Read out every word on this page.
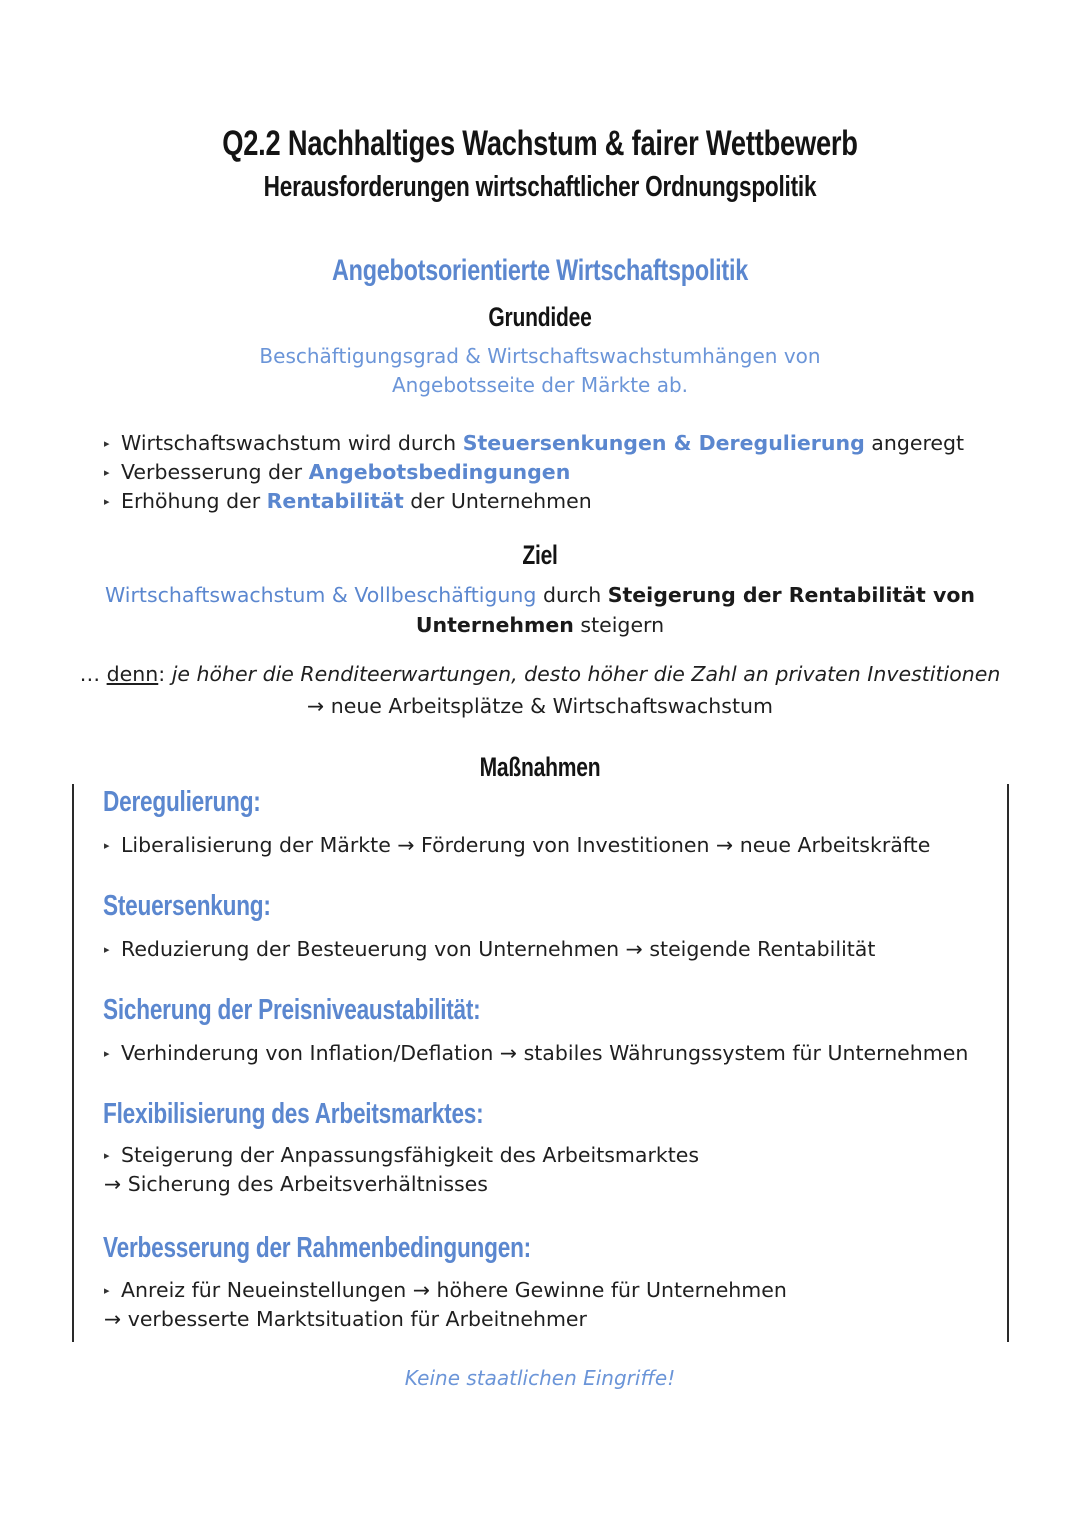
Q2.2 Nachhaltiges Wachstum & fairer Wettbewerb
Herausforderungen wirtschaftlicher Ordnungspolitik
Angebotsorientierte Wirtschaftspolitik
Grundidee
Beschäftigungsgrad & Wirtschaftswachstumhängen von
Angebotsseite der Märkte ab.
▸ Wirtschaftswachstum wird durch Steuersenkungen & Deregulierung angeregt
▸ Verbesserung der Angebotsbedingungen
▸ Erhöhung der Rentabilität der Unternehmen
Ziel
Wirtschaftswachstum & Vollbeschäftigung durch Steigerung der Rentabilität von
Unternehmen steigern
… denn: je höher die Renditeerwartungen, desto höher die Zahl an privaten Investitionen
→ neue Arbeitsplätze & Wirtschaftswachstum
Maßnahmen
Deregulierung:
▸ Liberalisierung der Märkte → Förderung von Investitionen → neue Arbeitskräfte
Steuersenkung:
▸ Reduzierung der Besteuerung von Unternehmen → steigende Rentabilität
Sicherung der Preisniveaustabilität:
▸ Verhinderung von Inflation/Deflation → stabiles Währungssystem für Unternehmen
Flexibilisierung des Arbeitsmarktes:
▸ Steigerung der Anpassungsfähigkeit des Arbeitsmarktes
→ Sicherung des Arbeitsverhältnisses
Verbesserung der Rahmenbedingungen:
▸ Anreiz für Neueinstellungen → höhere Gewinne für Unternehmen
→ verbesserte Marktsituation für Arbeitnehmer
Keine staatlichen Eingriffe!
